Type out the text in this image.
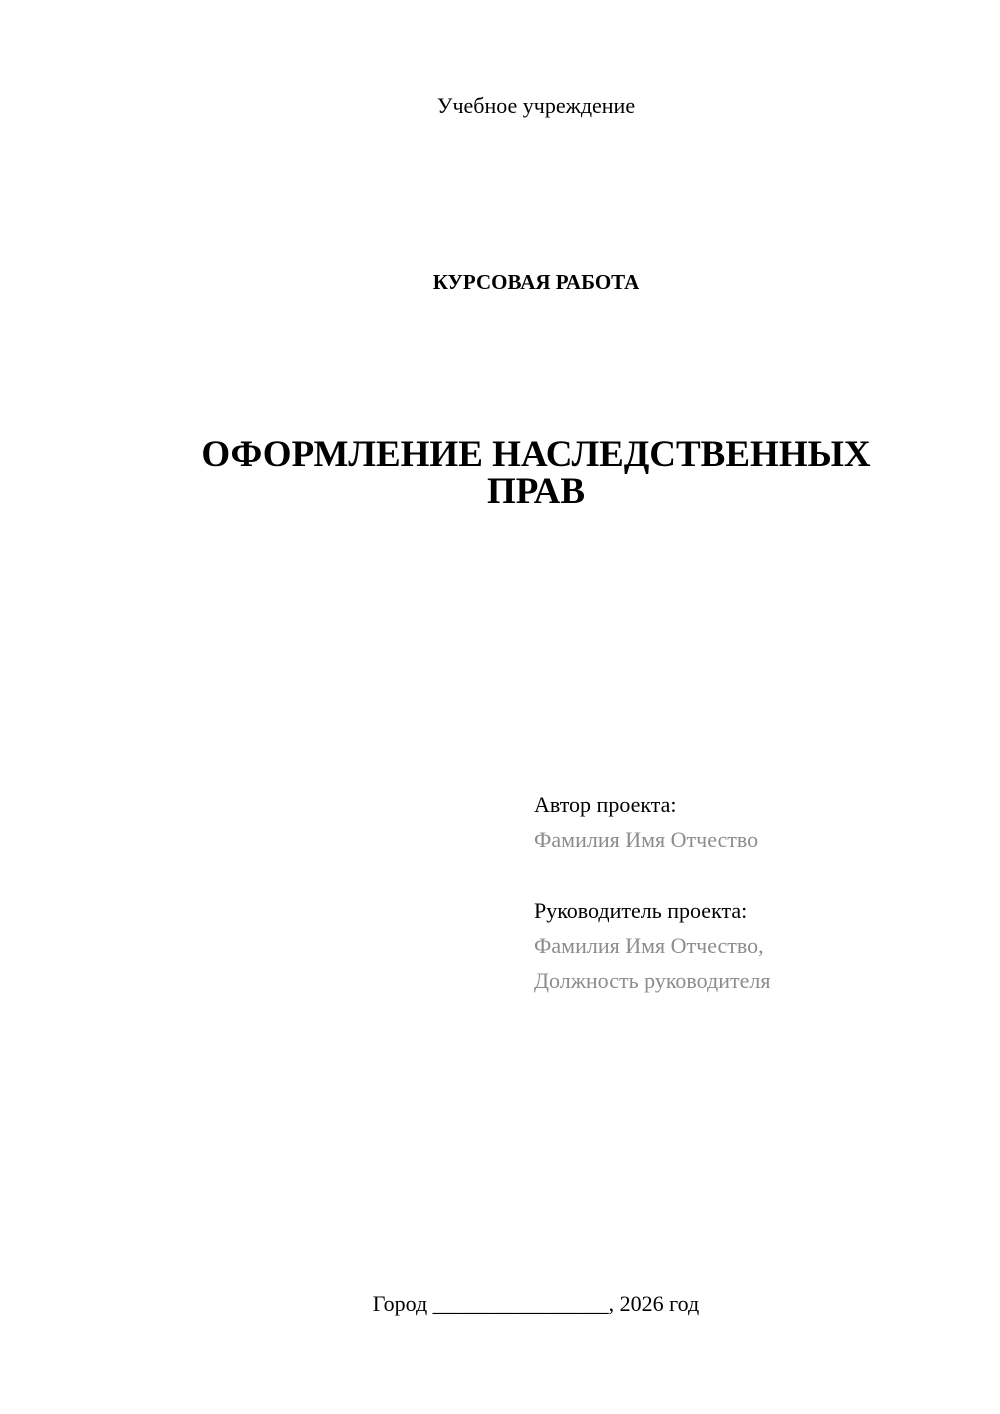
Учебное учреждение
КУРСОВАЯ РАБОТА
ОФОРМЛЕНИЕ НАСЛЕДСТВЕННЫХ
ПРАВ
Автор проекта:
Фамилия Имя Отчество
Руководитель проекта:
Фамилия Имя Отчество,
Должность руководителя
Город ________________, 2026 год
